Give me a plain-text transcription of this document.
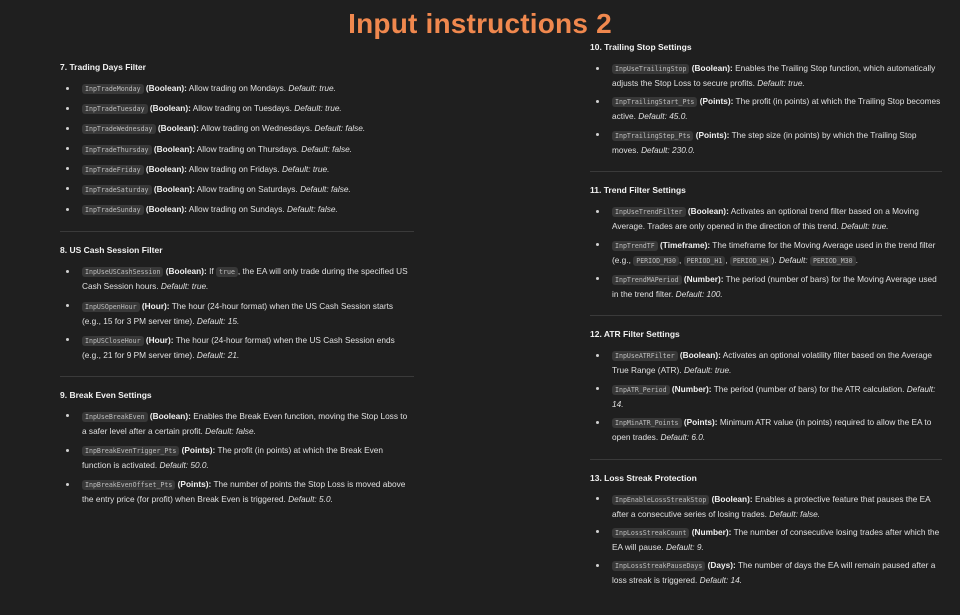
Input instructions 2
7. Trading Days Filter
InpTradeMonday (Boolean): Allow trading on Mondays. Default: true.
InpTradeTuesday (Boolean): Allow trading on Tuesdays. Default: true.
InpTradeWednesday (Boolean): Allow trading on Wednesdays. Default: false.
InpTradeThursday (Boolean): Allow trading on Thursdays. Default: false.
InpTradeFriday (Boolean): Allow trading on Fridays. Default: true.
InpTradeSaturday (Boolean): Allow trading on Saturdays. Default: false.
InpTradeSunday (Boolean): Allow trading on Sundays. Default: false.
8. US Cash Session Filter
InpUseUSCashSession (Boolean): If true , the EA will only trade during the specified US Cash Session hours. Default: true.
InpUSOpenHour (Hour): The hour (24-hour format) when the US Cash Session starts (e.g., 15 for 3 PM server time). Default: 15.
InpUSCloseHour (Hour): The hour (24-hour format) when the US Cash Session ends (e.g., 21 for 9 PM server time). Default: 21.
9. Break Even Settings
InpUseBreakEven (Boolean): Enables the Break Even function, moving the Stop Loss to a safer level after a certain profit. Default: false.
InpBreakEvenTrigger_Pts (Points): The profit (in points) at which the Break Even function is activated. Default: 50.0.
InpBreakEvenOffset_Pts (Points): The number of points the Stop Loss is moved above the entry price (for profit) when Break Even is triggered. Default: 5.0.
10. Trailing Stop Settings
InpUseTrailingStop (Boolean): Enables the Trailing Stop function, which automatically adjusts the Stop Loss to secure profits. Default: true.
InpTrailingStart_Pts (Points): The profit (in points) at which the Trailing Stop becomes active. Default: 45.0.
InpTrailingStep_Pts (Points): The step size (in points) by which the Trailing Stop moves. Default: 230.0.
11. Trend Filter Settings
InpUseTrendFilter (Boolean): Activates an optional trend filter based on a Moving Average. Trades are only opened in the direction of this trend. Default: true.
InpTrendTF (Timeframe): The timeframe for the Moving Average used in the trend filter (e.g., PERIOD_M30 , PERIOD_H1 , PERIOD_H4 ). Default: PERIOD_M30 .
InpTrendMAPeriod (Number): The period (number of bars) for the Moving Average used in the trend filter. Default: 100.
12. ATR Filter Settings
InpUseATRFilter (Boolean): Activates an optional volatility filter based on the Average True Range (ATR). Default: true.
InpATR_Period (Number): The period (number of bars) for the ATR calculation. Default: 14.
InpMinATR_Points (Points): Minimum ATR value (in points) required to allow the EA to open trades. Default: 6.0.
13. Loss Streak Protection
InpEnableLossStreakStop (Boolean): Enables a protective feature that pauses the EA after a consecutive series of losing trades. Default: false.
InpLossStreakCount (Number): The number of consecutive losing trades after which the EA will pause. Default: 9.
InpLossStreakPauseDays (Days): The number of days the EA will remain paused after a loss streak is triggered. Default: 14.
